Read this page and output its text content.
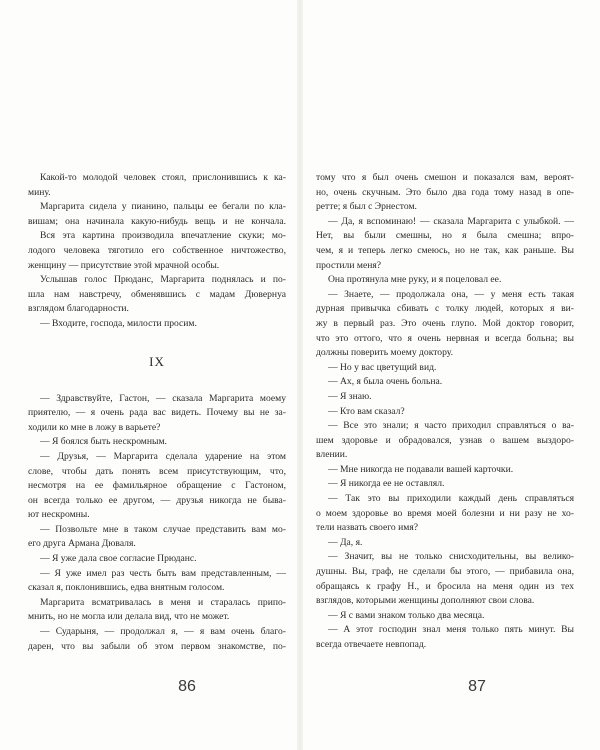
Какой-то молодой человек стоял, прислонившись к ка-
мину.
Маргарита сидела у пианино, пальцы ее бегали по кла-
вишам; она начинала какую-нибудь вещь и не кончала.
Вся эта картина производила впечатление скуки; мо-
лодого человека тяготило его собственное ничтожество,
женщину — присутствие этой мрачной особы.
Услышав голос Прюданс, Маргарита поднялась и по-
шла нам навстречу, обменявшись с мадам Дювернуа
взглядом благодарности.
— Входите, господа, милости просим.
IX
— Здравствуйте, Гастон, — сказала Маргарита моему
приятелю, — я очень рада вас видеть. Почему вы не за-
ходили ко мне в ложу в варьете?
— Я боялся быть нескромным.
— Друзья, — Маргарита сделала ударение на этом
слове, чтобы дать понять всем присутствующим, что,
несмотря на ее фамильярное обращение с Гастоном,
он всегда только ее другом, — друзья никогда не быва-
ют нескромны.
— Позвольте мне в таком случае представить вам мо-
его друга Армана Дюваля.
— Я уже дала свое согласие Прюданс.
— Я уже имел раз честь быть вам представленным, —
сказал я, поклонившись, едва внятным голосом.
Маргарита всматривалась в меня и старалась припо-
мнить, но не могла или делала вид, что не может.
— Сударыня, — продолжал я, — я вам очень благо-
дарен, что вы забыли об этом первом знакомстве, по-
86
тому что я был очень смешон и показался вам, вероят-
но, очень скучным. Это было два года тому назад в опе-
ретте; я был с Эрнестом.
— Да, я вспоминаю! — сказала Маргарита с улыбкой. — Нет, вы были смешны, но я была смешна; впро-
чем, я и теперь легко смеюсь, но не так, как раньше. Вы
простили меня?
Она протянула мне руку, и я поцеловал ее.
— Знаете, — продолжала она, — у меня есть такая
дурная привычка сбивать с толку людей, которых я ви-
жу в первый раз. Это очень глупо. Мой доктор говорит,
что это оттого, что я очень нервная и всегда больна; вы
должны поверить моему доктору.
— Но у вас цветущий вид.
— Ах, я была очень больна.
— Я знаю.
— Кто вам сказал?
— Все это знали; я часто приходил справляться о ва-
шем здоровье и обрадовался, узнав о вашем выздоро-
влении.
— Мне никогда не подавали вашей карточки.
— Я никогда ее не оставлял.
— Так это вы приходили каждый день справляться
о моем здоровье во время моей болезни и ни разу не хо-
тели назвать своего имя?
— Да, я.
— Значит, вы не только снисходительны, вы велико-
душны. Вы, граф, не сделали бы этого, — прибавила она,
обращаясь к графу Н., и бросила на меня один из тех
взглядов, которыми женщины дополняют свои слова.
— Я с вами знаком только два месяца.
— А этот господин знал меня только пять минут. Вы
всегда отвечаете невпопад.
87
